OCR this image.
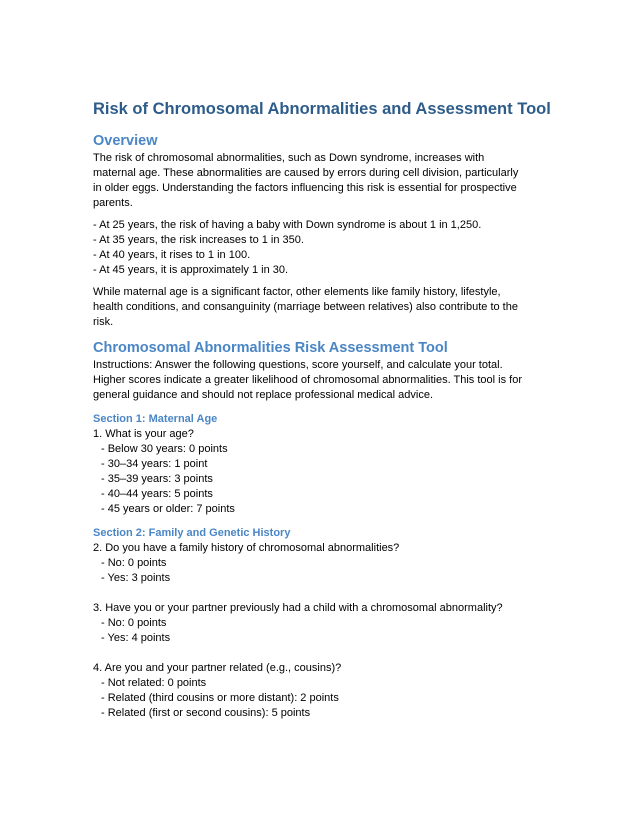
Risk of Chromosomal Abnormalities and Assessment Tool
Overview
The risk of chromosomal abnormalities, such as Down syndrome, increases with
maternal age. These abnormalities are caused by errors during cell division, particularly
in older eggs. Understanding the factors influencing this risk is essential for prospective
parents.
- At 25 years, the risk of having a baby with Down syndrome is about 1 in 1,250.
- At 35 years, the risk increases to 1 in 350.
- At 40 years, it rises to 1 in 100.
- At 45 years, it is approximately 1 in 30.
While maternal age is a significant factor, other elements like family history, lifestyle,
health conditions, and consanguinity (marriage between relatives) also contribute to the
risk.
Chromosomal Abnormalities Risk Assessment Tool
Instructions: Answer the following questions, score yourself, and calculate your total.
Higher scores indicate a greater likelihood of chromosomal abnormalities. This tool is for
general guidance and should not replace professional medical advice.
Section 1: Maternal Age
1. What is your age?
- Below 30 years: 0 points
- 30–34 years: 1 point
- 35–39 years: 3 points
- 40–44 years: 5 points
- 45 years or older: 7 points
Section 2: Family and Genetic History
2. Do you have a family history of chromosomal abnormalities?
- No: 0 points
- Yes: 3 points
3. Have you or your partner previously had a child with a chromosomal abnormality?
- No: 0 points
- Yes: 4 points
4. Are you and your partner related (e.g., cousins)?
- Not related: 0 points
- Related (third cousins or more distant): 2 points
- Related (first or second cousins): 5 points
